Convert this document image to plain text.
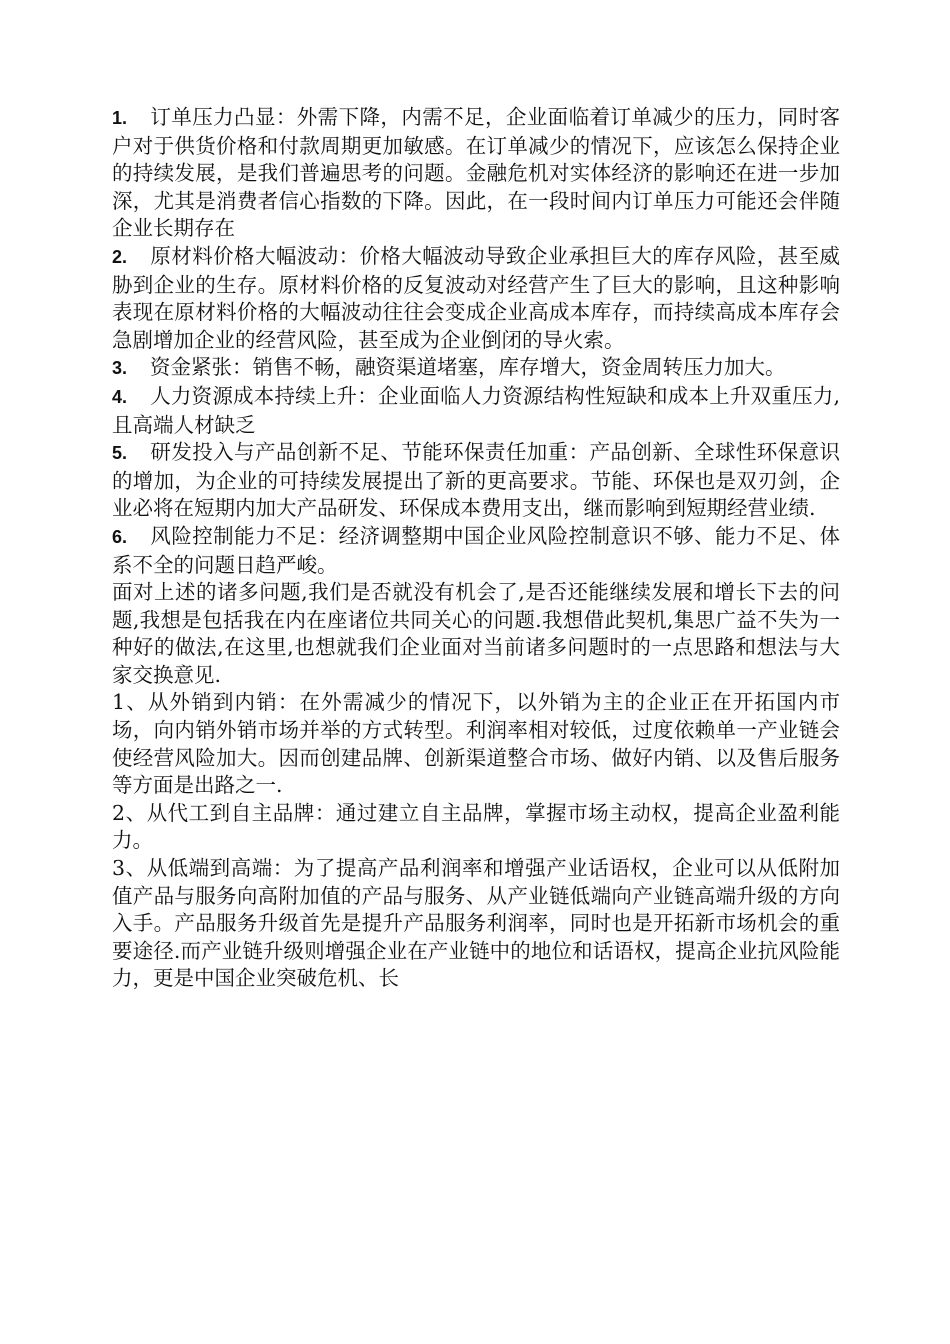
1. 订单压力凸显：外需下降，内需不足，企业面临着订单减少的压力，同时客户对于供货价格和付款周期更加敏感。在订单减少的情况下，应该怎么保持企业的持续发展，是我们普遍思考的问题。金融危机对实体经济的影响还在进一步加深，尤其是消费者信心指数的下降。因此，在一段时间内订单压力可能还会伴随企业长期存在

2. 原材料价格大幅波动：价格大幅波动导致企业承担巨大的库存风险，甚至威胁到企业的生存。原材料价格的反复波动对经营产生了巨大的影响，且这种影响表现在原材料价格的大幅波动往往会变成企业高成本库存，而持续高成本库存会急剧增加企业的经营风险，甚至成为企业倒闭的导火索。

3. 资金紧张：销售不畅，融资渠道堵塞，库存增大，资金周转压力加大。

4. 人力资源成本持续上升：企业面临人力资源结构性短缺和成本上升双重压力,且高端人材缺乏

5. 研发投入与产品创新不足、节能环保责任加重：产品创新、全球性环保意识的增加，为企业的可持续发展提出了新的更高要求。节能、环保也是双刃剑，企业必将在短期内加大产品研发、环保成本费用支出，继而影响到短期经营业绩.

6. 风险控制能力不足：经济调整期中国企业风险控制意识不够、能力不足、体系不全的问题日趋严峻。

面对上述的诸多问题,我们是否就没有机会了,是否还能继续发展和增长下去的问题,我想是包括我在内在座诸位共同关心的问题.我想借此契机,集思广益不失为一种好的做法,在这里,也想就我们企业面对当前诸多问题时的一点思路和想法与大家交换意见.

1、从外销到内销：在外需减少的情况下，以外销为主的企业正在开拓国内市场，向内销外销市场并举的方式转型。利润率相对较低，过度依赖单一产业链会使经营风险加大。因而创建品牌、创新渠道整合市场、做好内销、以及售后服务等方面是出路之一.

2、从代工到自主品牌：通过建立自主品牌，掌握市场主动权，提高企业盈利能力。

3、从低端到高端：为了提高产品利润率和增强产业话语权，企业可以从低附加值产品与服务向高附加值的产品与服务、从产业链低端向产业链高端升级的方向入手。产品服务升级首先是提升产品服务利润率，同时也是开拓新市场机会的重要途径.而产业链升级则增强企业在产业链中的地位和话语权，提高企业抗风险能力，更是中国企业突破危机、长
